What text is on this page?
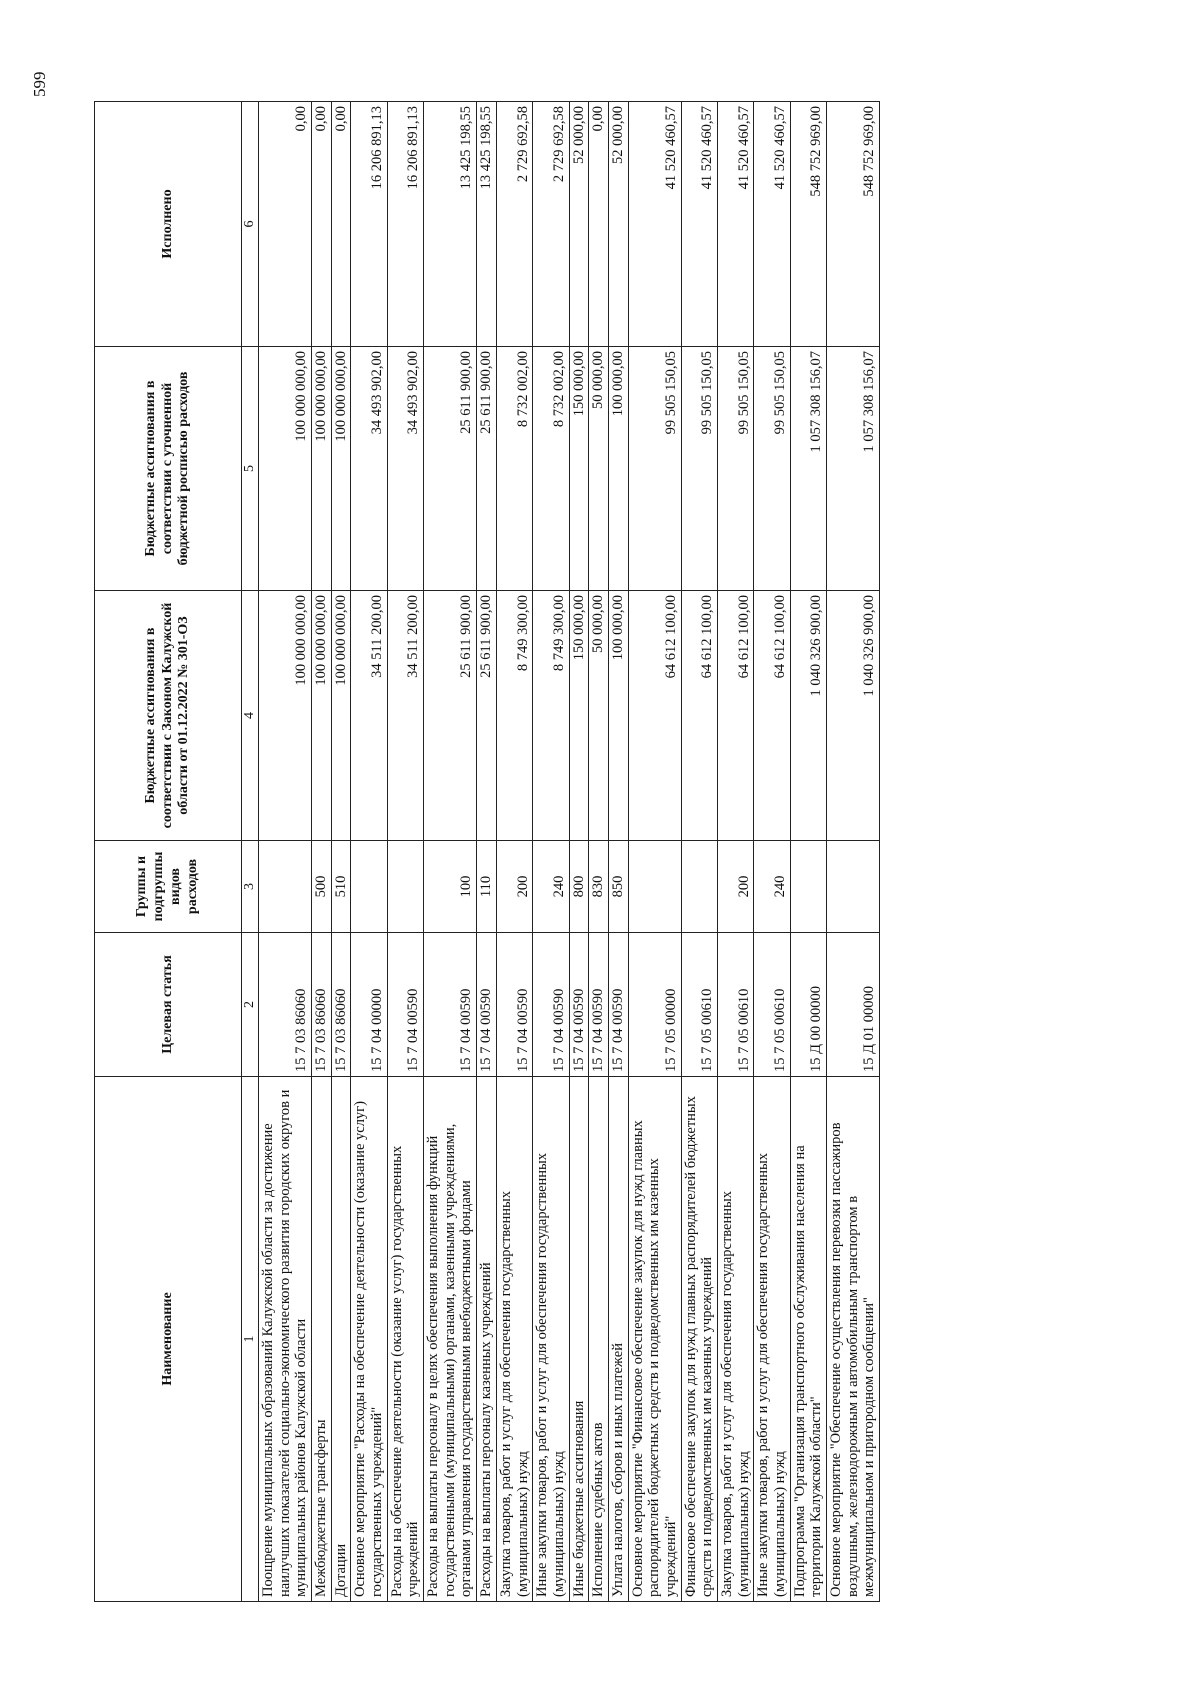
599
Наименование	Целевая статья	Группы и подгруппы видов расходов	Бюджетные ассигнования в соответствии с Законом Калужской области от 01.12.2022 № 301-ОЗ	Бюджетные ассигнования в соответствии с уточненной бюджетной росписью расходов	Исполнено
1	2	3	4	5	6
Поощрение муниципальных образований Калужской области за достижение наилучших показателей социально-экономического развития городских округов и муниципальных районов Калужской области	15 7 03 86060		100 000 000,00	100 000 000,00	0,00
Межбюджетные трансферты	15 7 03 86060	500	100 000 000,00	100 000 000,00	0,00
Дотации	15 7 03 86060	510	100 000 000,00	100 000 000,00	0,00
Основное мероприятие "Расходы на обеспечение деятельности (оказание услуг) государственных учреждений"	15 7 04 00000		34 511 200,00	34 493 902,00	16 206 891,13
Расходы на обеспечение деятельности (оказание услуг) государственных учреждений	15 7 04 00590		34 511 200,00	34 493 902,00	16 206 891,13
Расходы на выплаты персоналу в целях обеспечения выполнения функций государственными (муниципальными) органами, казенными учреждениями, органами управления государственными внебюджетными фондами	15 7 04 00590	100	25 611 900,00	25 611 900,00	13 425 198,55
Расходы на выплаты персоналу казенных учреждений	15 7 04 00590	110	25 611 900,00	25 611 900,00	13 425 198,55
Закупка товаров, работ и услуг для обеспечения государственных (муниципальных) нужд	15 7 04 00590	200	8 749 300,00	8 732 002,00	2 729 692,58
Иные закупки товаров, работ и услуг для обеспечения государственных (муниципальных) нужд	15 7 04 00590	240	8 749 300,00	8 732 002,00	2 729 692,58
Иные бюджетные ассигнования	15 7 04 00590	800	150 000,00	150 000,00	52 000,00
Исполнение судебных актов	15 7 04 00590	830	50 000,00	50 000,00	0,00
Уплата налогов, сборов и иных платежей	15 7 04 00590	850	100 000,00	100 000,00	52 000,00
Основное мероприятие "Финансовое обеспечение закупок для нужд главных распорядителей бюджетных средств и подведомственных им казенных учреждений"	15 7 05 00000		64 612 100,00	99 505 150,05	41 520 460,57
Финансовое обеспечение закупок для нужд главных распорядителей бюджетных средств и подведомственных им казенных учреждений	15 7 05 00610		64 612 100,00	99 505 150,05	41 520 460,57
Закупка товаров, работ и услуг для обеспечения государственных (муниципальных) нужд	15 7 05 00610	200	64 612 100,00	99 505 150,05	41 520 460,57
Иные закупки товаров, работ и услуг для обеспечения государственных (муниципальных) нужд	15 7 05 00610	240	64 612 100,00	99 505 150,05	41 520 460,57
Подпрограмма "Организация транспортного обслуживания населения на территории Калужской области"	15 Д 00 00000		1 040 326 900,00	1 057 308 156,07	548 752 969,00
Основное мероприятие "Обеспечение осуществления перевозки пассажиров воздушным, железнодорожным и автомобильным транспортом в межмуниципальном и пригородном сообщении"	15 Д 01 00000		1 040 326 900,00	1 057 308 156,07	548 752 969,00
